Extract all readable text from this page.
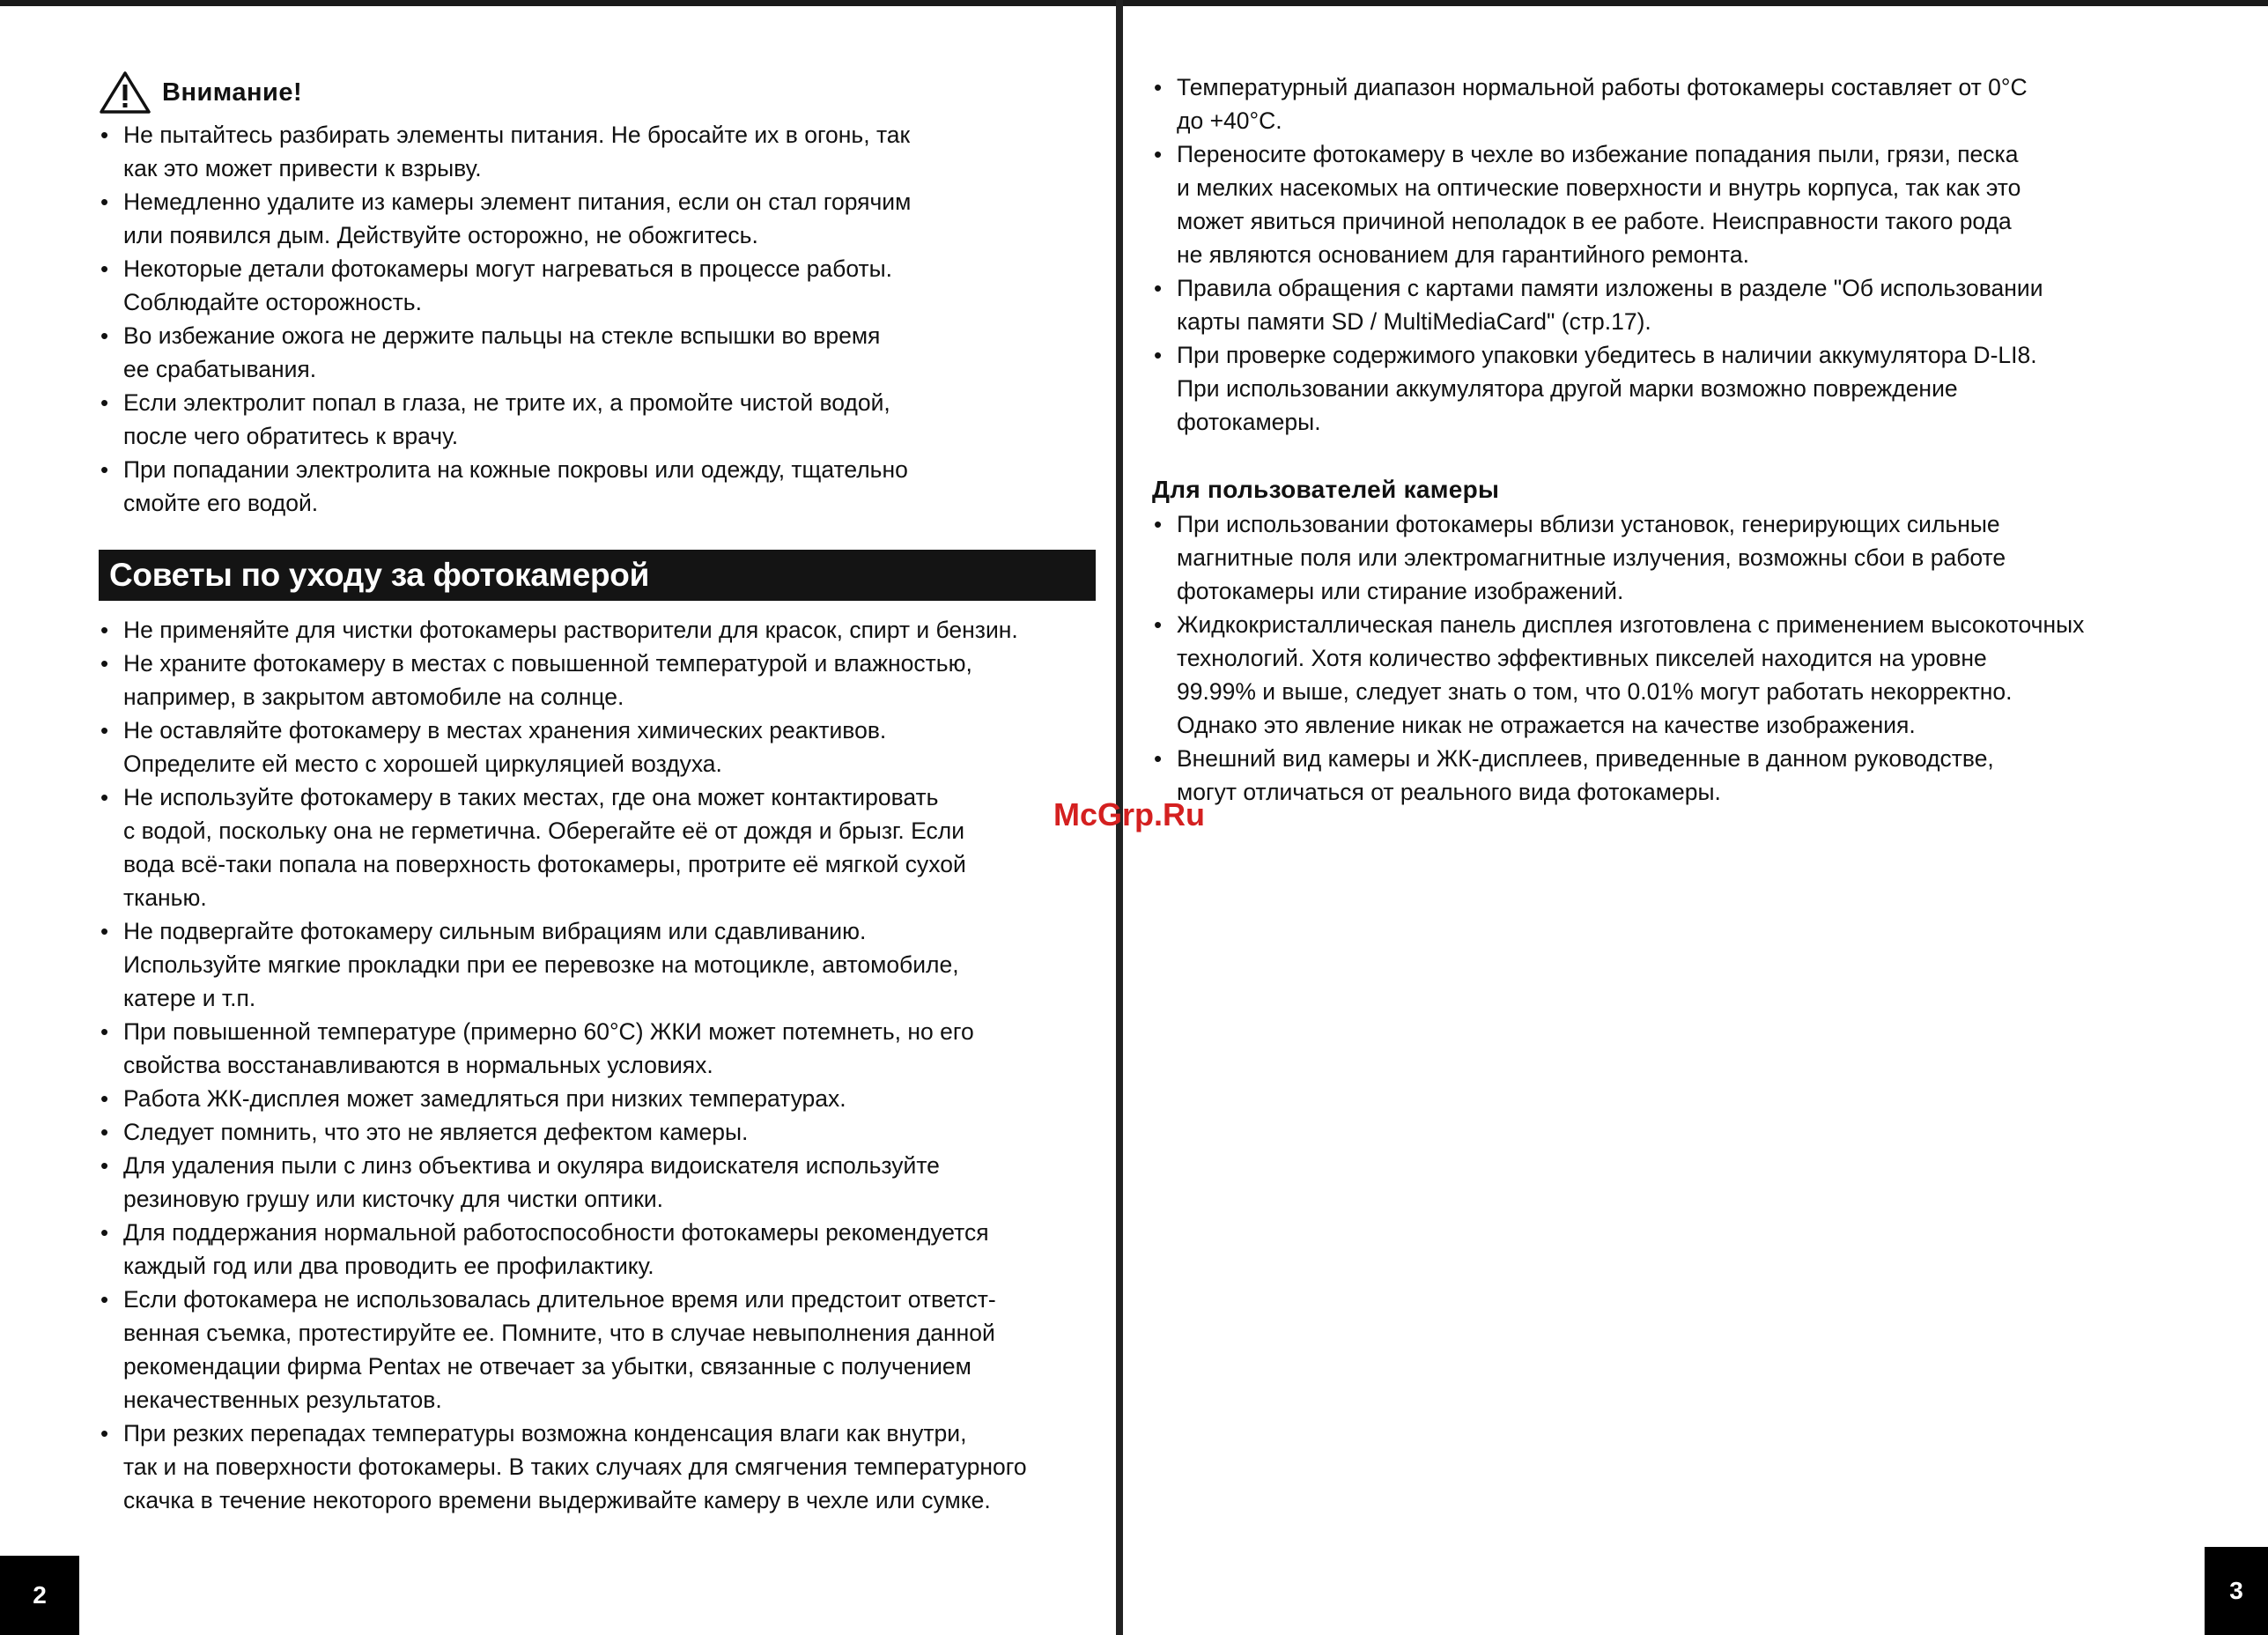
Внимание!
• Не пытайтесь разбирать элементы питания. Не бросайте их в огонь, так
как это может привести к взрыву.
• Немедленно удалите из камеры элемент питания, если он стал горячим
или появился дым. Действуйте осторожно, не обожгитесь.
• Некоторые детали фотокамеры могут нагреваться в процессе работы.
Соблюдайте осторожность.
• Во избежание ожога не держите пальцы на стекле вспышки во время
ее срабатывания.
• Если электролит попал в глаза, не трите их, а промойте чистой водой,
после чего обратитесь к врачу.
• При попадании электролита на кожные покровы или одежду, тщательно
смойте его водой.
Советы по уходу за фотокамерой
• Не применяйте для чистки фотокамеры растворители для красок, спирт и бензин.
• Не храните фотокамеру в местах с повышенной температурой и влажностью,
например, в закрытом автомобиле на солнце.
• Не оставляйте фотокамеру в местах хранения химических реактивов.
Определите ей место с хорошей циркуляцией воздуха.
• Не используйте фотокамеру в таких местах, где она может контактировать
с водой, поскольку она не герметична. Оберегайте её от дождя и брызг. Если
вода всё-таки попала на поверхность фотокамеры, протрите её мягкой сухой
тканью.
• Не подвергайте фотокамеру сильным вибрациям или сдавливанию.
Используйте мягкие прокладки при ее перевозке на мотоцикле, автомобиле,
катере и т.п.
• При повышенной температуре (примерно 60°C) ЖКИ может потемнеть, но его
свойства восстанавливаются в нормальных условиях.
• Работа ЖК-дисплея может замедляться при низких температурах.
• Следует помнить, что это не является дефектом камеры.
• Для удаления пыли с линз объектива и окуляра видоискателя используйте
резиновую грушу или кисточку для чистки оптики.
• Для поддержания нормальной работоспособности фотокамеры рекомендуется
каждый год или два проводить ее профилактику.
• Если фотокамера не использовалась длительное время или предстоит ответст-
венная съемка, протестируйте ее. Помните, что в случае невыполнения данной
рекомендации фирма Pentax не отвечает за убытки, связанные с получением
некачественных результатов.
• При резких перепадах температуры возможна конденсация влаги как внутри,
так и на поверхности фотокамеры. В таких случаях для смягчения температурного
скачка в течение некоторого времени выдерживайте камеру в чехле или сумке.
2
• Температурный диапазон нормальной работы фотокамеры составляет от 0°C
до +40°C.
• Переносите фотокамеру в чехле во избежание попадания пыли, грязи, песка
и мелких насекомых на оптические поверхности и внутрь корпуса, так как это
может явиться причиной неполадок в ее работе. Неисправности такого рода
не являются основанием для гарантийного ремонта.
• Правила обращения с картами памяти изложены в разделе "Об использовании
карты памяти SD / MultiMediaCard" (стр.17).
• При проверке содержимого упаковки убедитесь в наличии аккумулятора D-LI8.
При использовании аккумулятора другой марки возможно повреждение
фотокамеры.
Для пользователей камеры
• При использовании фотокамеры вблизи установок, генерирующих сильные
магнитные поля или электромагнитные излучения, возможны сбои в работе
фотокамеры или стирание изображений.
• Жидкокристаллическая панель дисплея изготовлена с применением высокоточных
технологий. Хотя количество эффективных пикселей находится на уровне
99.99% и выше, следует знать о том, что 0.01% могут работать некорректно.
Однако это явление никак не отражается на качестве изображения.
• Внешний вид камеры и ЖК-дисплеев, приведенные в данном руководстве,
могут отличаться от реального вида фотокамеры.
3
McGrp.Ru
